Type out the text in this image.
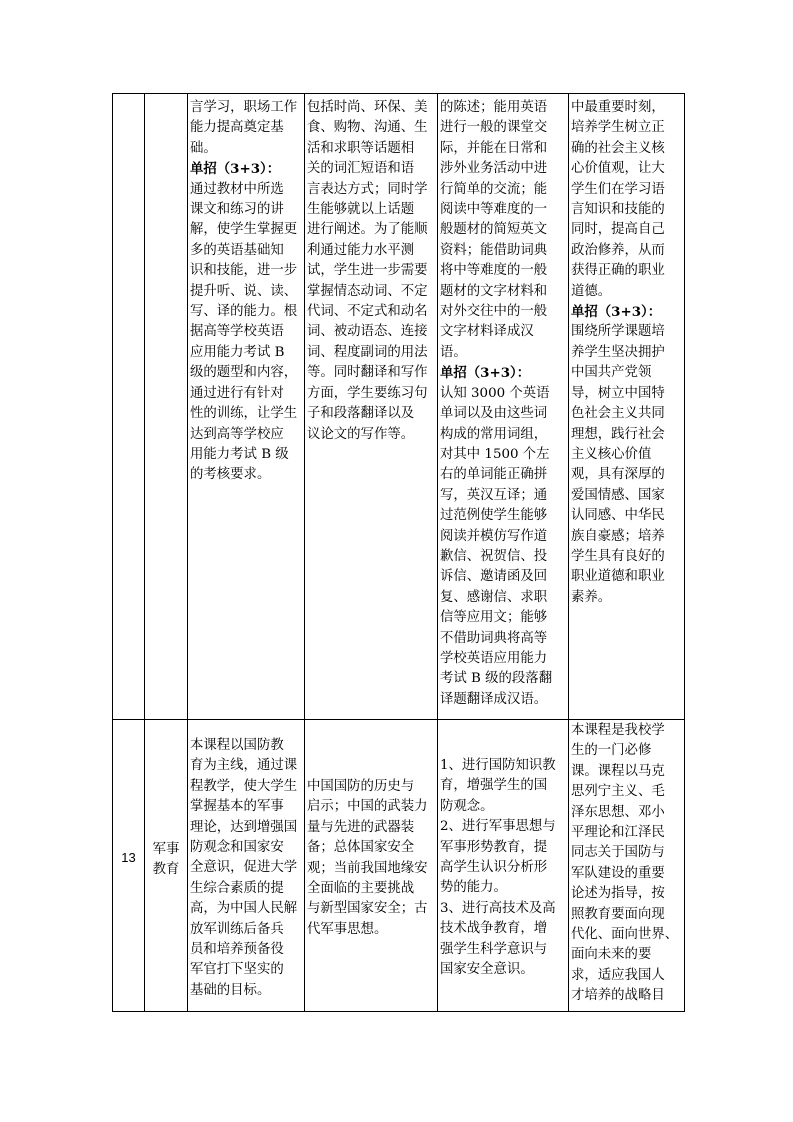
言学习，职场工作
能力提高奠定基
础。
单招（3+3）：
通过教材中所选
课文和练习的讲
解，使学生掌握更
多的英语基础知
识和技能，进一步
提升听、说、读、
写、译的能力。根
据高等学校英语
应用能力考试 B
级的题型和内容，
通过进行有针对
性的训练，让学生
达到高等学校应
用能力考试 B 级
的考核要求。
包括时尚、环保、美
食、购物、沟通、生
活和求职等话题相
关的词汇短语和语
言表达方式；同时学
生能够就以上话题
进行阐述。为了能顺
利通过能力水平测
试，学生进一步需要
掌握情态动词、不定
代词、不定式和动名
词、被动语态、连接
词、程度副词的用法
等。同时翻译和写作
方面，学生要练习句
子和段落翻译以及
议论文的写作等。
的陈述；能用英语
进行一般的课堂交
际，并能在日常和
涉外业务活动中进
行简单的交流；能
阅读中等难度的一
般题材的简短英文
资料；能借助词典
将中等难度的一般
题材的文字材料和
对外交往中的一般
文字材料译成汉
语。
单招（3+3）：
认知 3000 个英语
单词以及由这些词
构成的常用词组，
对其中 1500 个左
右的单词能正确拼
写，英汉互译；通
过范例使学生能够
阅读并模仿写作道
歉信、祝贺信、投
诉信、邀请函及回
复、感谢信、求职
信等应用文；能够
不借助词典将高等
学校英语应用能力
考试 B 级的段落翻
译题翻译成汉语。
中最重要时刻，
培养学生树立正
确的社会主义核
心价值观，让大
学生们在学习语
言知识和技能的
同时，提高自己
政治修养，从而
获得正确的职业
道德。
单招（3+3）：
围绕所学课题培
养学生坚决拥护
中国共产党领
导，树立中国特
色社会主义共同
理想，践行社会
主义核心价值
观，具有深厚的
爱国情感、国家
认同感、中华民
族自豪感；培养
学生具有良好的
职业道德和职业
素养。
13
军事
教育
本课程以国防教
育为主线，通过课
程教学，使大学生
掌握基本的军事
理论，达到增强国
防观念和国家安
全意识，促进大学
生综合素质的提
高，为中国人民解
放军训练后备兵
员和培养预备役
军官打下坚实的
基础的目标。
中国国防的历史与
启示；中国的武装力
量与先进的武器装
备；总体国家安全
观；当前我国地缘安
全面临的主要挑战
与新型国家安全；古
代军事思想。
1、进行国防知识教
育，增强学生的国
防观念。
2、进行军事思想与
军事形势教育，提
高学生认识分析形
势的能力。
3、进行高技术及高
技术战争教育，增
强学生科学意识与
国家安全意识。
本课程是我校学
生的一门必修
课。课程以马克
思列宁主义、毛
泽东思想、邓小
平理论和江泽民
同志关于国防与
军队建设的重要
论述为指导，按
照教育要面向现
代化、面向世界、
面向未来的要
求，适应我国人
才培养的战略目
